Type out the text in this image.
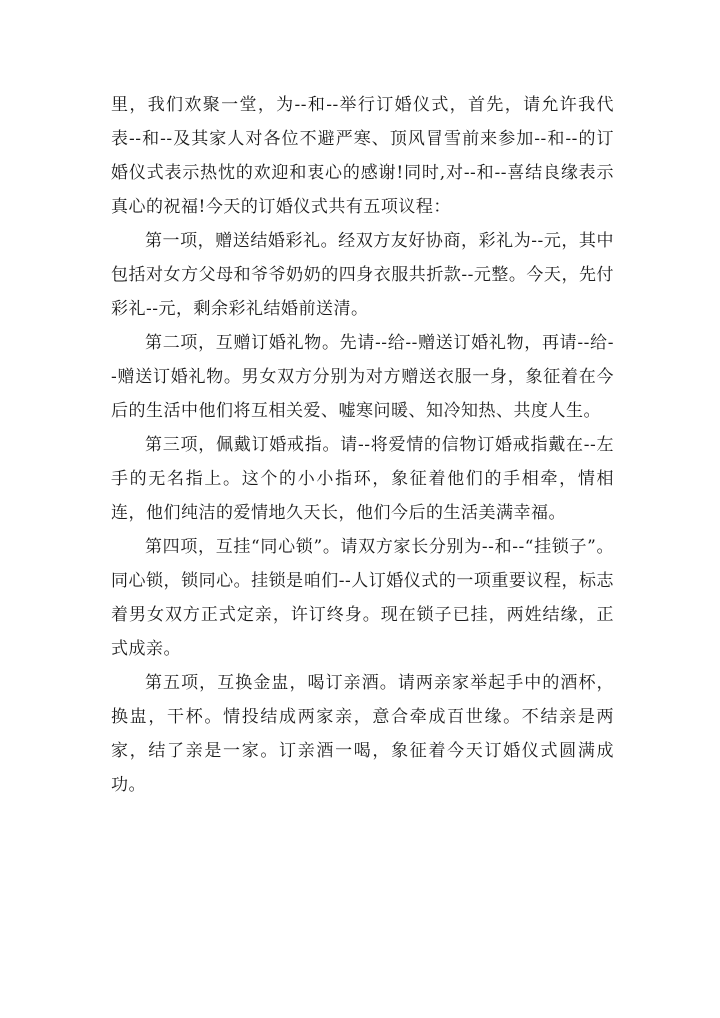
里，我们欢聚一堂，为--和--举行订婚仪式，首先，请允许我代表--和--及其家人对各位不避严寒、顶风冒雪前来参加--和--的订婚仪式表示热忱的欢迎和衷心的感谢!同时,对--和--喜结良缘表示真心的祝福!今天的订婚仪式共有五项议程：

第一项，赠送结婚彩礼。经双方友好协商，彩礼为--元，其中包括对女方父母和爷爷奶奶的四身衣服共折款--元整。今天，先付彩礼--元，剩余彩礼结婚前送清。

第二项，互赠订婚礼物。先请--给--赠送订婚礼物，再请--给--赠送订婚礼物。男女双方分别为对方赠送衣服一身，象征着在今后的生活中他们将互相关爱、嘘寒问暖、知冷知热、共度人生。

第三项，佩戴订婚戒指。请--将爱情的信物订婚戒指戴在--左手的无名指上。这个的小小指环，象征着他们的手相牵，情相连，他们纯洁的爱情地久天长，他们今后的生活美满幸福。

第四项，互挂“同心锁”。请双方家长分别为--和--“挂锁子”。同心锁，锁同心。挂锁是咱们--人订婚仪式的一项重要议程，标志着男女双方正式定亲，许订终身。现在锁子已挂，两姓结缘，正式成亲。

第五项，互换金盅，喝订亲酒。请两亲家举起手中的酒杯，换盅，干杯。情投结成两家亲，意合牵成百世缘。不结亲是两家，结了亲是一家。订亲酒一喝，象征着今天订婚仪式圆满成功。
